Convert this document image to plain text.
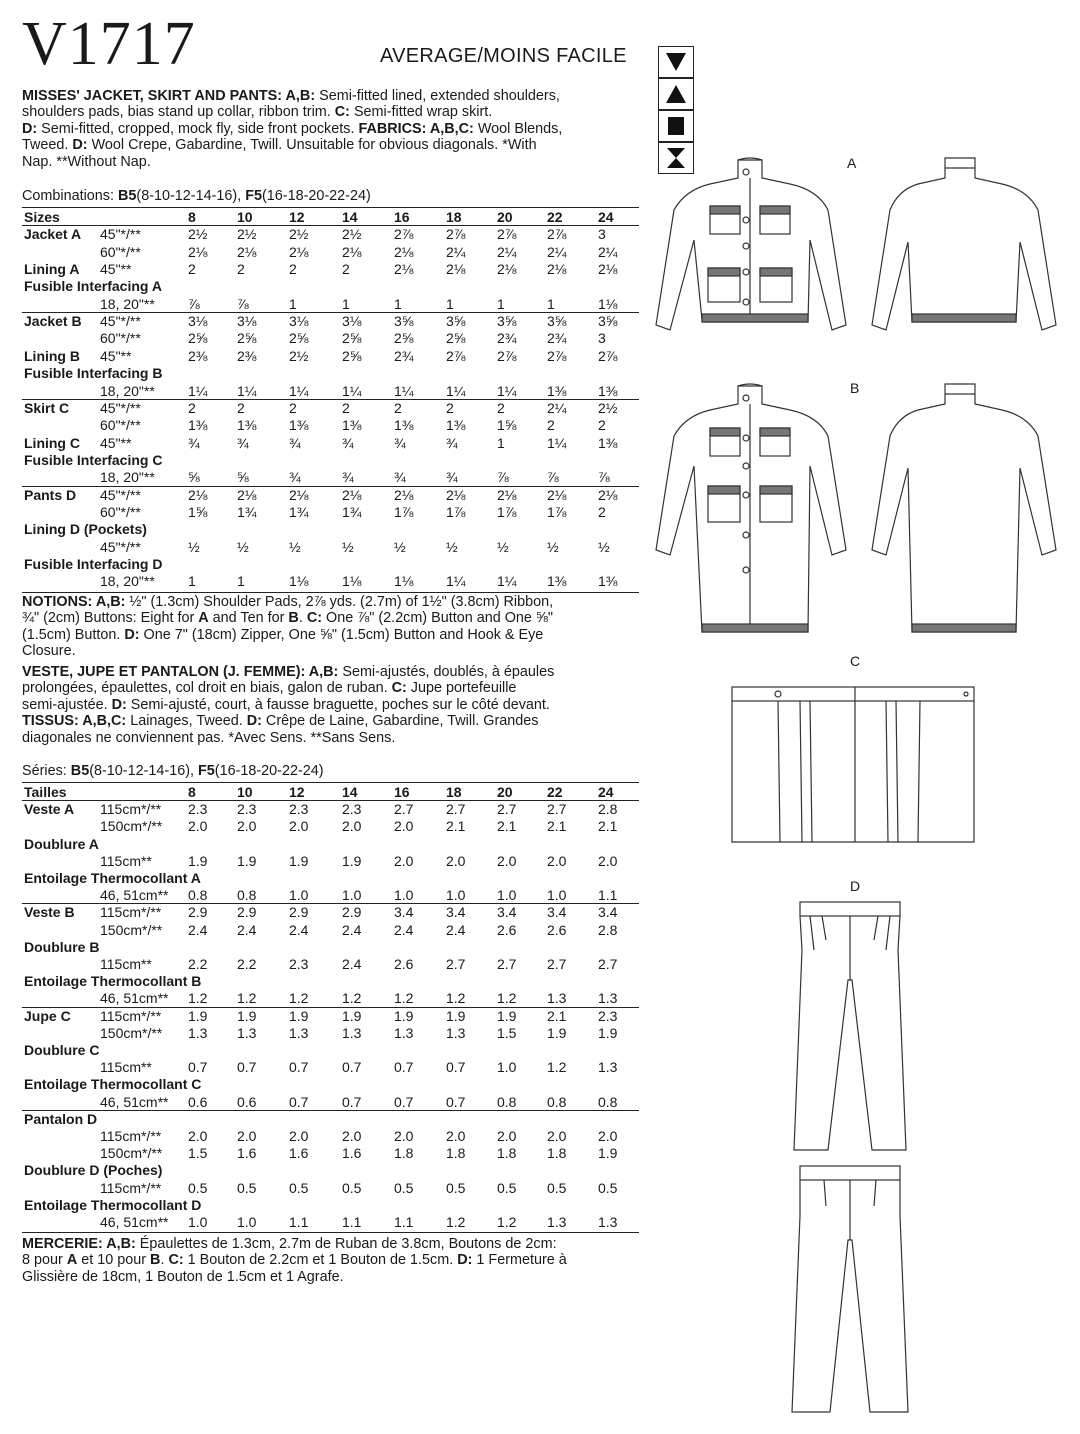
V1717	AVERAGE/MOINS FACILE
MISSES' JACKET, SKIRT AND PANTS: A,B: Semi-fitted lined, extended shoulders,
shoulders pads, bias stand up collar, ribbon trim. C: Semi-fitted wrap skirt.
D: Semi-fitted, cropped, mock fly, side front pockets. FABRICS: A,B,C: Wool Blends,
Tweed. D: Wool Crepe, Gabardine, Twill. Unsuitable for obvious diagonals. *With
Nap. **Without Nap.
Combinations: B5(8-10-12-14-16), F5(16-18-20-22-24)
Sizes	8	10	12	14	16	18	20 22	24
Jacket A 45"*/**	2½ 2½ 2½ 2½ 2⅞ 2⅞ 2⅞ 2⅞ 3
60"*/**	2⅛ 2⅛ 2⅛ 2⅛ 2⅛ 2¼ 2¼ 2¼ 2¼
Lining A 45"**	2	2	2	2	2⅛ 2⅛ 2⅛ 2⅛ 2⅛
Fusible Interfacing A
18, 20"** ⅞	⅞	1	1	1	1	1	1	1⅛
Jacket B 45"*/**	3⅛ 3⅛ 3⅛ 3⅛ 3⅝ 3⅝ 3⅝ 3⅝ 3⅝
60"*/**	2⅝ 2⅝ 2⅝ 2⅝ 2⅝ 2⅝ 2¾ 2¾ 3
Lining B 45"**	2⅜ 2⅜ 2½ 2⅝ 2¾ 2⅞ 2⅞ 2⅞ 2⅞
Fusible Interfacing B
18, 20"** 1¼ 1¼ 1¼ 1¼ 1¼ 1¼ 1¼ 1⅜ 1⅜
Skirt C 45"*/**	2	2	2	2	2	2	2	2¼ 2½
60"*/**	1⅜ 1⅜ 1⅜ 1⅜ 1⅜ 1⅜ 1⅝ 2	2
Lining C 45"**	¾	¾	¾	¾	¾	¾	1	1¼ 1⅜
Fusible Interfacing C
18, 20"** ⅝	⅝	¾	¾	¾	¾	⅞	⅞	⅞
Pants D 45"*/**	2⅛ 2⅛ 2⅛ 2⅛ 2⅛ 2⅛ 2⅛ 2⅛ 2⅛
60"*/**	1⅝ 1¾ 1¾ 1¾ 1⅞ 1⅞ 1⅞ 1⅞ 2
Lining D (Pockets)
45"*/**	½	½	½	½	½	½	½	½	½
Fusible Interfacing D
18, 20"** 1	1	1⅛ 1⅛ 1⅛ 1¼ 1¼ 1⅜ 1⅜
NOTIONS: A,B: ½" (1.3cm) Shoulder Pads, 2⅞ yds. (2.7m) of 1½" (3.8cm) Ribbon,
¾" (2cm) Buttons: Eight for A and Ten for B. C: One ⅞" (2.2cm) Button and One ⅝"
(1.5cm) Button. D: One 7" (18cm) Zipper, One ⅝" (1.5cm) Button and Hook & Eye
Closure.
VESTE, JUPE ET PANTALON (J. FEMME): A,B: Semi-ajustés, doublés, à épaules
prolongées, épaulettes, col droit en biais, galon de ruban. C: Jupe portefeuille
semi-ajustée. D: Semi-ajusté, court, à fausse braguette, poches sur le côté devant.
TISSUS: A,B,C: Lainages, Tweed. D: Crêpe de Laine, Gabardine, Twill. Grandes
diagonales ne conviennent pas. *Avec Sens. **Sans Sens.
Séries: B5(8-10-12-14-16), F5(16-18-20-22-24)
Tailles	8	10	12	14	16	18	20 22	24
Veste A 115cm*/** 2.3 2.3 2.3 2.3 2.7 2.7 2.7 2.7 2.8
150cm*/** 2.0 2.0 2.0 2.0 2.0 2.1 2.1 2.1 2.1
Doublure A
115cm**	1.9 1.9 1.9 1.9 2.0 2.0 2.0 2.0 2.0
Entoilage Thermocollant A
46, 51cm** 0.8 0.8 1.0 1.0 1.0 1.0 1.0 1.0 1.1
Veste B 115cm*/** 2.9 2.9 2.9 2.9 3.4 3.4 3.4 3.4 3.4
150cm*/** 2.4 2.4 2.4 2.4 2.4 2.4 2.6 2.6 2.8
Doublure B
115cm**	2.2 2.2 2.3 2.4 2.6 2.7 2.7 2.7 2.7
Entoilage Thermocollant B
46, 51cm** 1.2 1.2 1.2 1.2 1.2 1.2 1.2 1.3 1.3
Jupe C 115cm*/** 1.9 1.9 1.9 1.9 1.9 1.9 1.9 2.1 2.3
150cm*/** 1.3 1.3 1.3 1.3 1.3 1.3 1.5 1.9 1.9
Doublure C
115cm**	0.7 0.7 0.7 0.7 0.7 0.7 1.0 1.2 1.3
Entoilage Thermocollant C
46, 51cm** 0.6 0.6 0.7 0.7 0.7 0.7 0.8 0.8 0.8
Pantalon D
115cm*/** 2.0 2.0 2.0 2.0 2.0 2.0 2.0 2.0 2.0
150cm*/** 1.5 1.6 1.6 1.6 1.8 1.8 1.8 1.8 1.9
Doublure D (Poches)
115cm*/** 0.5 0.5 0.5 0.5 0.5 0.5 0.5 0.5 0.5
Entoilage Thermocollant D
46, 51cm** 1.0 1.0 1.1 1.1 1.1 1.2 1.2 1.3 1.3
MERCERIE: A,B: Épaulettes de 1.3cm, 2.7m de Ruban de 3.8cm, Boutons de 2cm:
8 pour A et 10 pour B. C: 1 Bouton de 2.2cm et 1 Bouton de 1.5cm. D: 1 Fermeture à
Glissière de 18cm, 1 Bouton de 1.5cm et 1 Agrafe.
A
B
C
D
